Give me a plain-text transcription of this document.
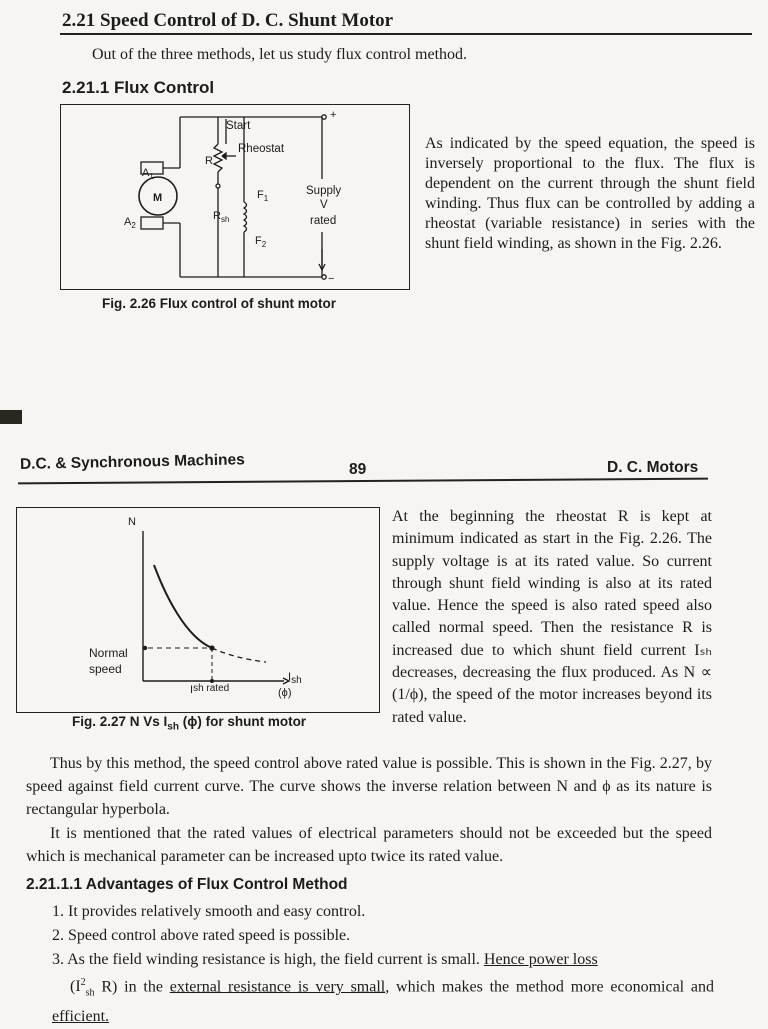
2.21 Speed Control of D. C. Shunt Motor
Out of the three methods, let us study flux control method.
2.21.1 Flux Control
$A_1$
$A_2$
M
R
Start
Rheostat
$R_{sh}$
$F_1$
$F_2$
Supply
V
rated
+
−
Fig. 2.26 Flux control of shunt motor
As indicated by the speed equation, the speed is inversely proportional to the flux. The flux is dependent on the current through the shunt field winding. Thus flux can be controlled by adding a rheostat (variable resistance) in series with the shunt field winding, as shown in the Fig. 2.26.
D.C. & Synchronous Machines	89	D. C. Motors
N
Normal
speed
Ish rated
Ish
(ϕ)
Fig. 2.27 N Vs $I_{sh}$ (ϕ) for shunt motor
At the beginning the rheostat R is kept at minimum indicated as start in the Fig. 2.26. The supply voltage is at its rated value. So current through shunt field winding is also at its rated value. Hence the speed is also rated speed also called normal speed. Then the resistance R is increased due to which shunt field current Iₛₕ decreases, decreasing the flux produced. As N ∝ (1/ϕ), the speed of the motor increases beyond its rated value.
Thus by this method, the speed control above rated value is possible. This is shown in the Fig. 2.27, by speed against field current curve. The curve shows the inverse relation between N and ϕ as its nature is rectangular hyperbola.
It is mentioned that the rated values of electrical parameters should not be exceeded but the speed which is mechanical parameter can be increased upto twice its rated value.
2.21.1.1 Advantages of Flux Control Method
1. It provides relatively smooth and easy control.
2. Speed control above rated speed is possible.
3. As the field winding resistance is high, the field current is small. Hence power loss
($I^2_{sh}$ R) in the external resistance is very small, which makes the method more economical and efficient.
